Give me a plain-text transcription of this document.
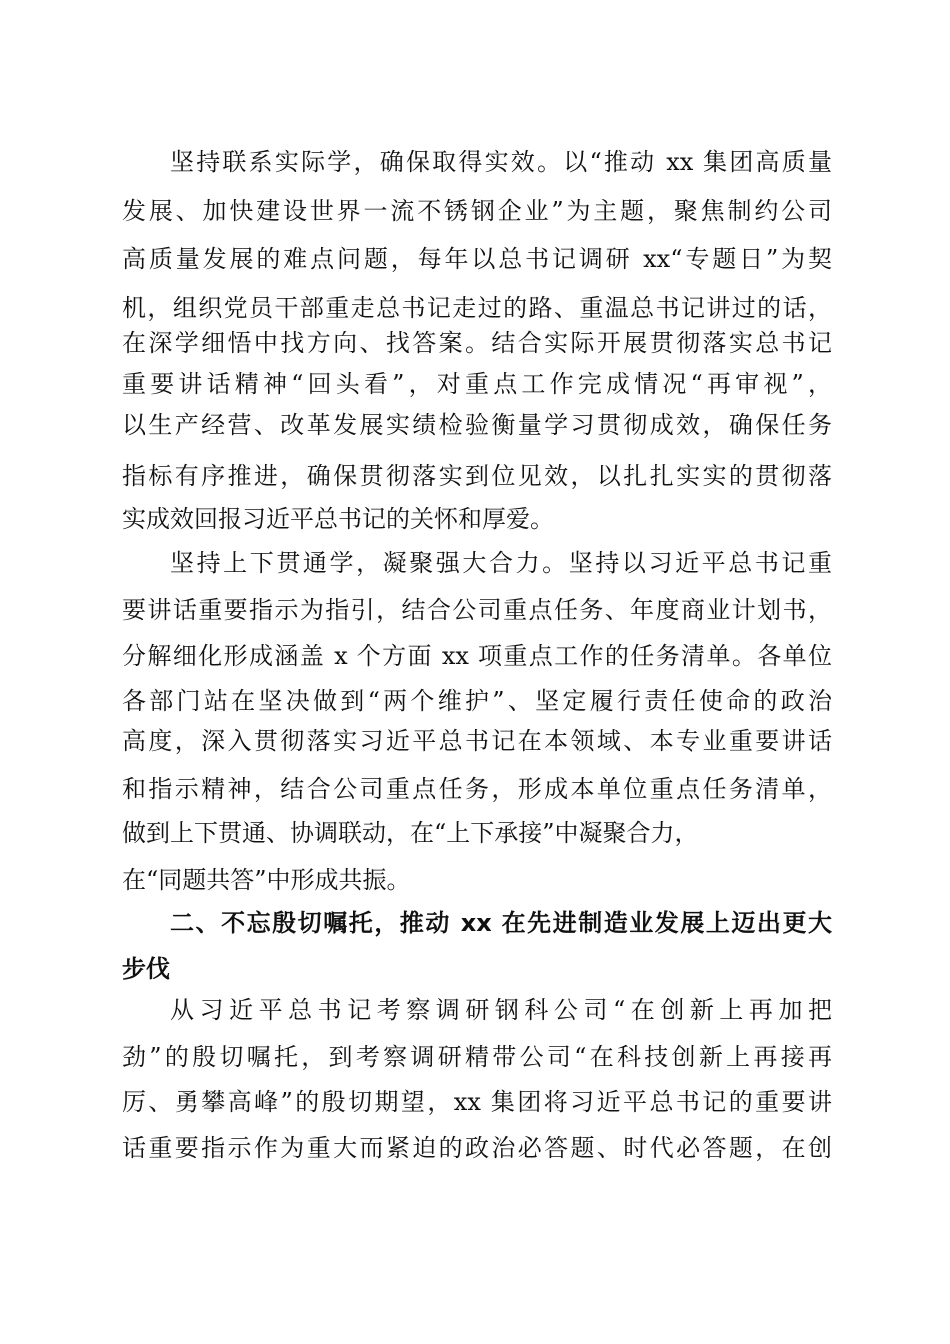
坚持联系实际学，确保取得实效。以“推动 xx 集团高质量
发展、加快建设世界一流不锈钢企业”为主题，聚焦制约公司
高质量发展的难点问题，每年以总书记调研 xx“专题日”为契
机，组织党员干部重走总书记走过的路、重温总书记讲过的话，
在深学细悟中找方向、找答案。结合实际开展贯彻落实总书记
重要讲话精神“回头看”，对重点工作完成情况“再审视”，
以生产经营、改革发展实绩检验衡量学习贯彻成效，确保任务
指标有序推进，确保贯彻落实到位见效，以扎扎实实的贯彻落
实成效回报习近平总书记的关怀和厚爱。
坚持上下贯通学，凝聚强大合力。坚持以习近平总书记重
要讲话重要指示为指引，结合公司重点任务、年度商业计划书，
分解细化形成涵盖 x 个方面 xx 项重点工作的任务清单。各单位
各部门站在坚决做到“两个维护”、坚定履行责任使命的政治
高度，深入贯彻落实习近平总书记在本领域、本专业重要讲话
和指示精神，结合公司重点任务，形成本单位重点任务清单，
做到上下贯通、协调联动，在“上下承接”中凝聚合力，
在“同题共答”中形成共振。
二、不忘殷切嘱托，推动 xx 在先进制造业发展上迈出更大
步伐
从习近平总书记考察调研钢科公司“在创新上再加把
劲”的殷切嘱托，到考察调研精带公司“在科技创新上再接再
厉、勇攀高峰”的殷切期望，xx 集团将习近平总书记的重要讲
话重要指示作为重大而紧迫的政治必答题、时代必答题，在创
